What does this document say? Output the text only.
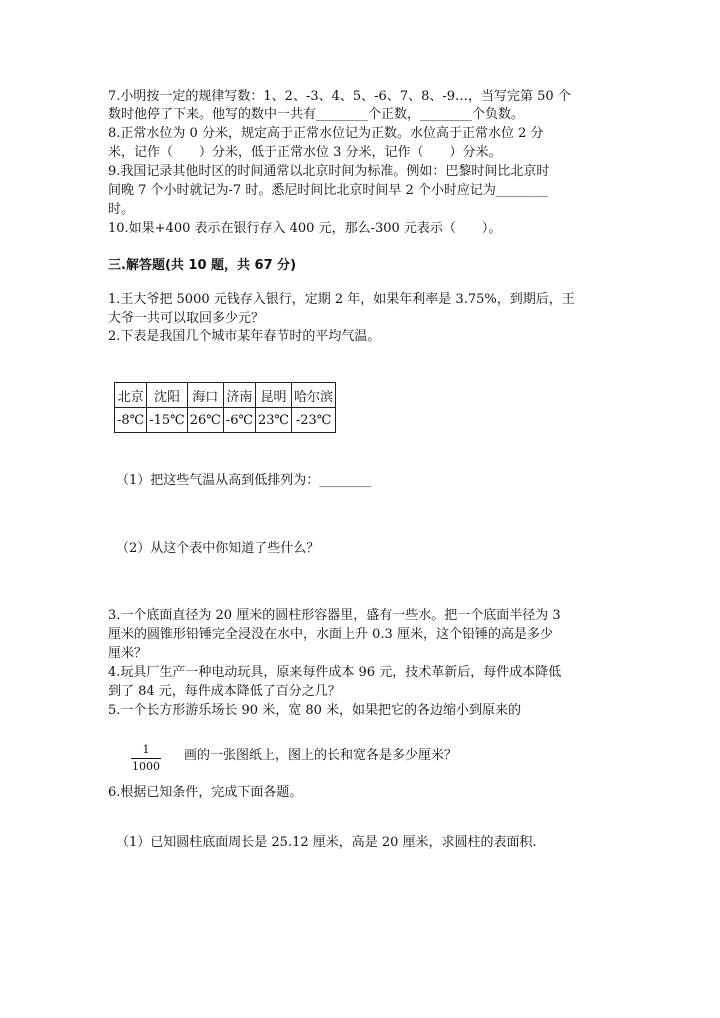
7.小明按一定的规律写数：1、2、-3、4、5、-6、7、8、-9…，当写完第 50 个
数时他停了下来。他写的数中一共有________个正数，________个负数。
8.正常水位为 0 分米，规定高于正常水位记为正数。水位高于正常水位 2 分
米，记作（　　）分米，低于正常水位 3 分米，记作（　　）分米。
9.我国记录其他时区的时间通常以北京时间为标准。例如：巴黎时间比北京时
间晚 7 个小时就记为-7 时。悉尼时间比北京时间早 2 个小时应记为________
时。
10.如果+400 表示在银行存入 400 元，那么-300 元表示（　　）。
三.解答题(共 10 题，共 67 分)
1.王大爷把 5000 元钱存入银行，定期 2 年，如果年利率是 3.75%，到期后，王
大爷一共可以取回多少元？
2.下表是我国几个城市某年春节时的平均气温。
北京	沈阳	海口	济南	昆明	哈尔滨
-8℃	-15℃	26℃	-6℃	23℃	-23℃
（1）把这些气温从高到低排列为：________
（2）从这个表中你知道了些什么？
3.一个底面直径为 20 厘米的圆柱形容器里，盛有一些水。把一个底面半径为 3
厘米的圆锥形铅锤完全浸没在水中，水面上升 0.3 厘米，这个铅锤的高是多少
厘米？
4.玩具厂生产一种电动玩具，原来每件成本 96 元，技术革新后，每件成本降低
到了 84 元，每件成本降低了百分之几？
5.一个长方形游乐场长 90 米，宽 80 米，如果把它的各边缩小到原来的
1
1000
画的一张图纸上，图上的长和宽各是多少厘米？
6.根据已知条件，完成下面各题。
（1）已知圆柱底面周长是 25.12 厘米，高是 20 厘米，求圆柱的表面积.
